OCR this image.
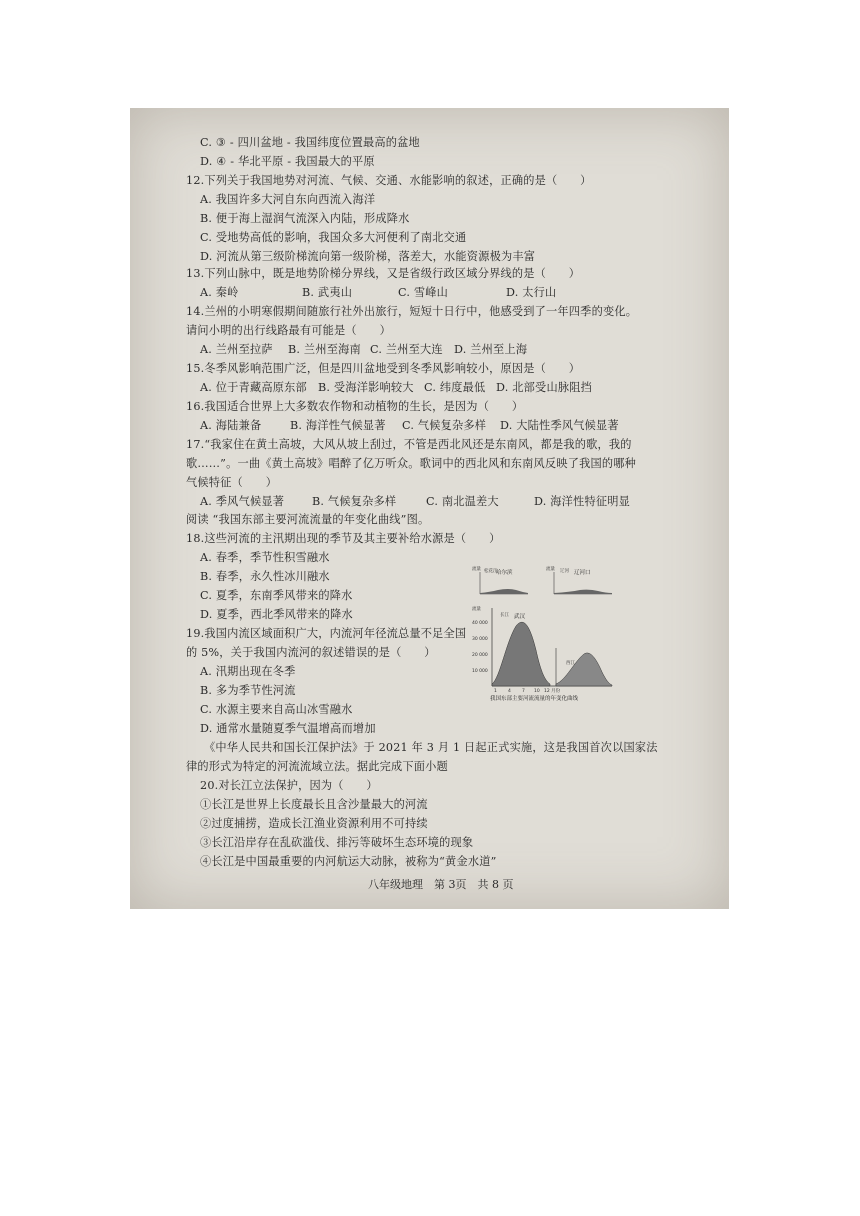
C. ③ - 四川盆地 - 我国纬度位置最高的盆地
D. ④ - 华北平原 - 我国最大的平原
12.下列关于我国地势对河流、气候、交通、水能影响的叙述，正确的是（　　）
A. 我国许多大河自东向西流入海洋
B. 便于海上湿润气流深入内陆，形成降水
C. 受地势高低的影响，我国众多大河便利了南北交通
D. 河流从第三级阶梯流向第一级阶梯，落差大，水能资源极为丰富
13.下列山脉中，既是地势阶梯分界线，又是省级行政区域分界线的是（　　）
A. 秦岭	B. 武夷山	C. 雪峰山	D. 太行山
14.兰州的小明寒假期间随旅行社外出旅行，短短十日行中，他感受到了一年四季的变化。
请问小明的出行线路最有可能是（　　）
A. 兰州至拉萨 B. 兰州至海南 C. 兰州至大连 D. 兰州至上海
15.冬季风影响范围广泛，但是四川盆地受到冬季风影响较小，原因是（　　）
A. 位于青藏高原东部 B. 受海洋影响较大 C. 纬度最低 D. 北部受山脉阻挡
16.我国适合世界上大多数农作物和动植物的生长，是因为（　　）
A. 海陆兼备	B. 海洋性气候显著 C. 气候复杂多样 D. 大陆性季风气候显著
17.“我家住在黄土高坡，大风从坡上刮过，不管是西北风还是东南风，都是我的歌，我的
歌……”。一曲《黄土高坡》唱醉了亿万听众。歌词中的西北风和东南风反映了我国的哪种
气候特征（　　）
A. 季风气候显著 B. 气候复杂多样	C. 南北温差大	D. 海洋性特征明显
阅读 “我国东部主要河流流量的年变化曲线”图。
18.这些河流的主汛期出现的季节及其主要补给水源是（　　）
A. 春季，季节性积雪融水
B. 春季，永久性冰川融水
C. 夏季，东南季风带来的降水
D. 夏季，西北季风带来的降水
19.我国内流区域面积广大，内流河年径流总量不足全国
的 5%，关于我国内流河的叙述错误的是（　　）
A. 汛期出现在冬季
B. 多为季节性河流
C. 水源主要来自高山冰雪融水
D. 通常水量随夏季气温增高而增加
《中华人民共和国长江保护法》于 2021 年 3 月 1 日起正式实施，这是我国首次以国家法
律的形式为特定的河流流域立法。据此完成下面小题
20.对长江立法保护，因为（　　）
①长江是世界上长度最长且含沙量最大的河流
②过度捕捞，造成长江渔业资源利用不可持续
③长江沿岸存在乱砍滥伐、排污等破坏生态环境的现象
④长江是中国最重要的内河航运大动脉，被称为“黄金水道”
八年级地理　第 3页　共 8 页
流量 松花江
哈尔滨
流量 辽河 辽河口
流量
长江 武汉
40 000
30 000
20 000
10 000
西江
1 4 7 10 12 月份
我国东部主要河流流量的年变化曲线
